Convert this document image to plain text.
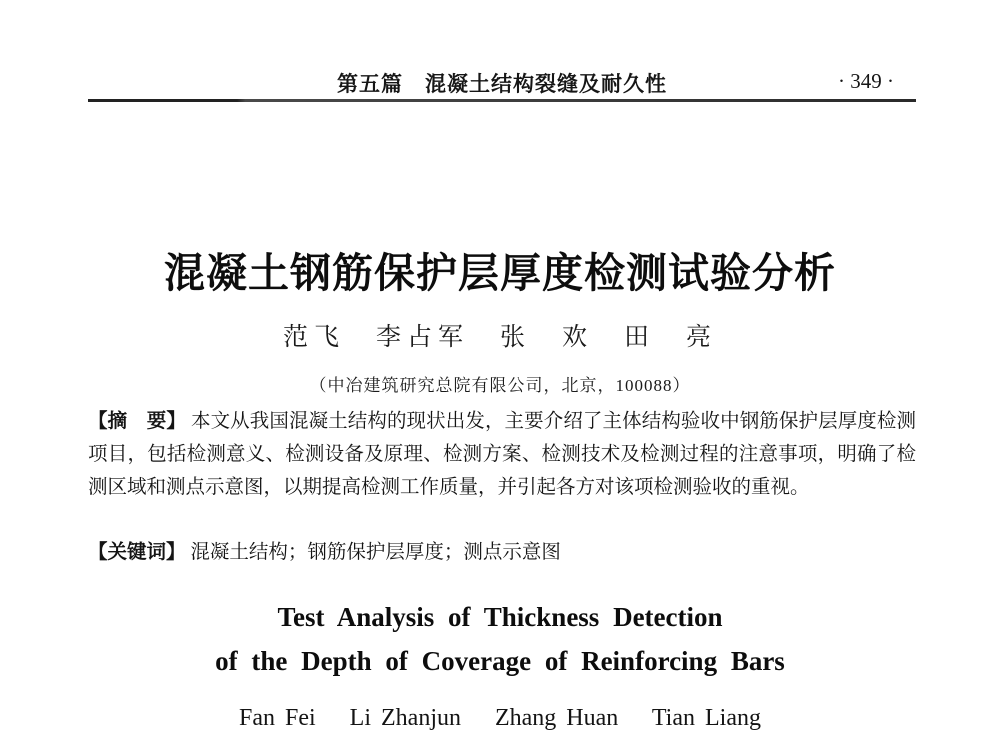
第五篇　混凝土结构裂缝及耐久性	· 349 ·
混凝土钢筋保护层厚度检测试验分析
范飞　李占军　张　欢　田　亮
（中冶建筑研究总院有限公司，北京，100088）
【摘　要】 本文从我国混凝土结构的现状出发，主要介绍了主体结构验收中钢筋保护层厚度检测项目，包括检测意义、检测设备及原理、检测方案、检测技术及检测过程的注意事项，明确了检测区域和测点示意图，以期提高检测工作质量，并引起各方对该项检测验收的重视。
【关键词】 混凝土结构；钢筋保护层厚度；测点示意图
Test Analysis of Thickness Detection
of the Depth of Coverage of Reinforcing Bars
Fan Fei　 Li Zhanjun　 Zhang Huan　 Tian Liang
